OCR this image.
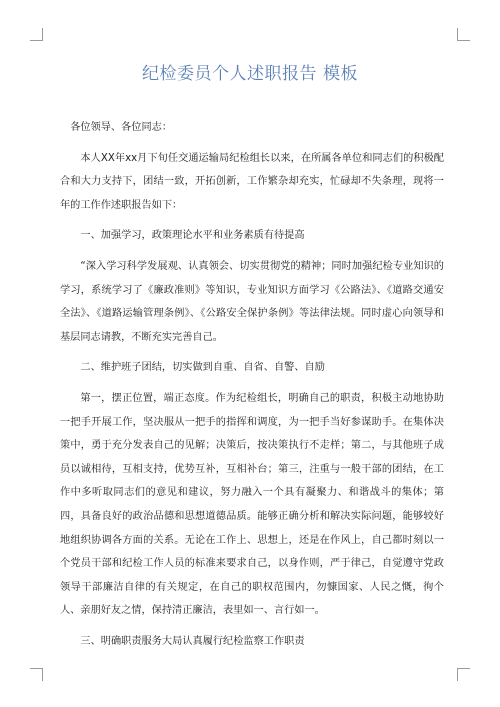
纪检委员个人述职报告 模板

各位领导、各位同志：

本人XX年xx月下旬任交通运输局纪检组长以来，在所属各单位和同志们的积极配合和大力支持下，团结一致，开拓创新，工作繁杂却充实，忙碌却不失条理，现将一年的工作作述职报告如下：

一、加强学习，政策理论水平和业务素质有待提高

“深入学习科学发展观、认真领会、切实贯彻党的精神；同时加强纪检专业知识的学习，系统学习了《廉政准则》等知识，专业知识方面学习《公路法》、《道路交通安全法》、《道路运输管理条例》、《公路安全保护条例》等法律法规。同时虚心向领导和基层同志请教，不断充实完善自己。

二、维护班子团结，切实做到自重、自省、自警、自励

第一，摆正位置，端正态度。作为纪检组长，明确自己的职责，积极主动地协助一把手开展工作，坚决服从一把手的指挥和调度，为一把手当好参谋助手。在集体决策中，勇于充分发表自己的见解；决策后，按决策执行不走样；第二，与其他班子成员以诚相待，互相支持，优势互补，互相补台；第三，注重与一般干部的团结，在工作中多听取同志们的意见和建议，努力融入一个具有凝聚力、和谐战斗的集体；第四，具备良好的政治品德和思想道德品质。能够正确分析和解决实际问题，能够较好地组织协调各方面的关系。无论在工作上、思想上，还是在作风上，自己都时刻以一个党员干部和纪检工作人员的标准来要求自己，以身作则，严于律己，自觉遵守党政领导干部廉洁自律的有关规定，在自己的职权范围内，勿慷国家、人民之慨，徇个人、亲朋好友之情，保持清正廉洁，表里如一、言行如一。

三、明确职责服务大局认真履行纪检监察工作职责
